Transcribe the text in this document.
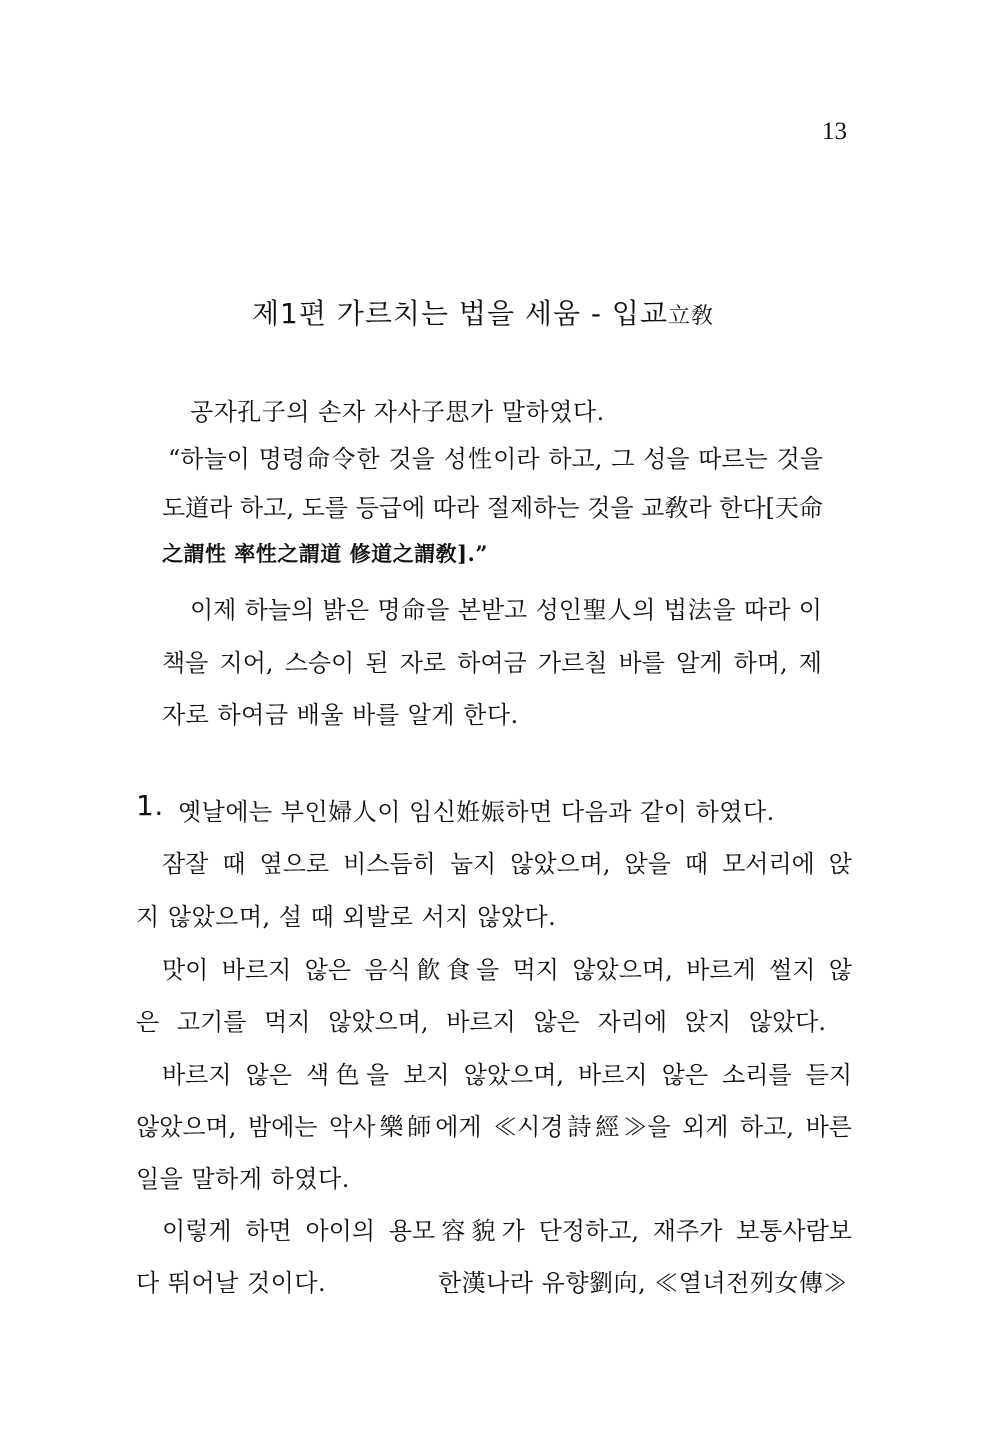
13
제1편 가르치는 법을 세움 - 입교立敎
공자孔子의 손자 자사子思가 말하였다.
“하늘이 명령命令한 것을 성性이라 하고, 그 성을 따르는 것을
도道라 하고, 도를 등급에 따라 절제하는 것을 교敎라 한다[天命
之謂性 率性之謂道 修道之謂敎].”
이제 하늘의 밝은 명命을 본받고 성인聖人의 법法을 따라 이
책을 지어, 스승이 된 자로 하여금 가르칠 바를 알게 하며, 제
자로 하여금 배울 바를 알게 한다.
1. 옛날에는 부인婦人이 임신姙娠하면 다음과 같이 하였다.
잠잘 때 옆으로 비스듬히 눕지 않았으며, 앉을 때 모서리에 앉
지 않았으며, 설 때 외발로 서지 않았다.
맛이 바르지 않은 음식飮食을 먹지 않았으며, 바르게 썰지 않
은 고기를 먹지 않았으며, 바르지 않은 자리에 앉지 않았다.
바르지 않은 색色을 보지 않았으며, 바르지 않은 소리를 듣지
않았으며, 밤에는 악사樂師에게 ≪시경詩經≫을 외게 하고, 바른
일을 말하게 하였다.
이렇게 하면 아이의 용모容貌가 단정하고, 재주가 보통사람보
다 뛰어날 것이다.	한漢나라 유향劉向, ≪열녀전列女傳≫
